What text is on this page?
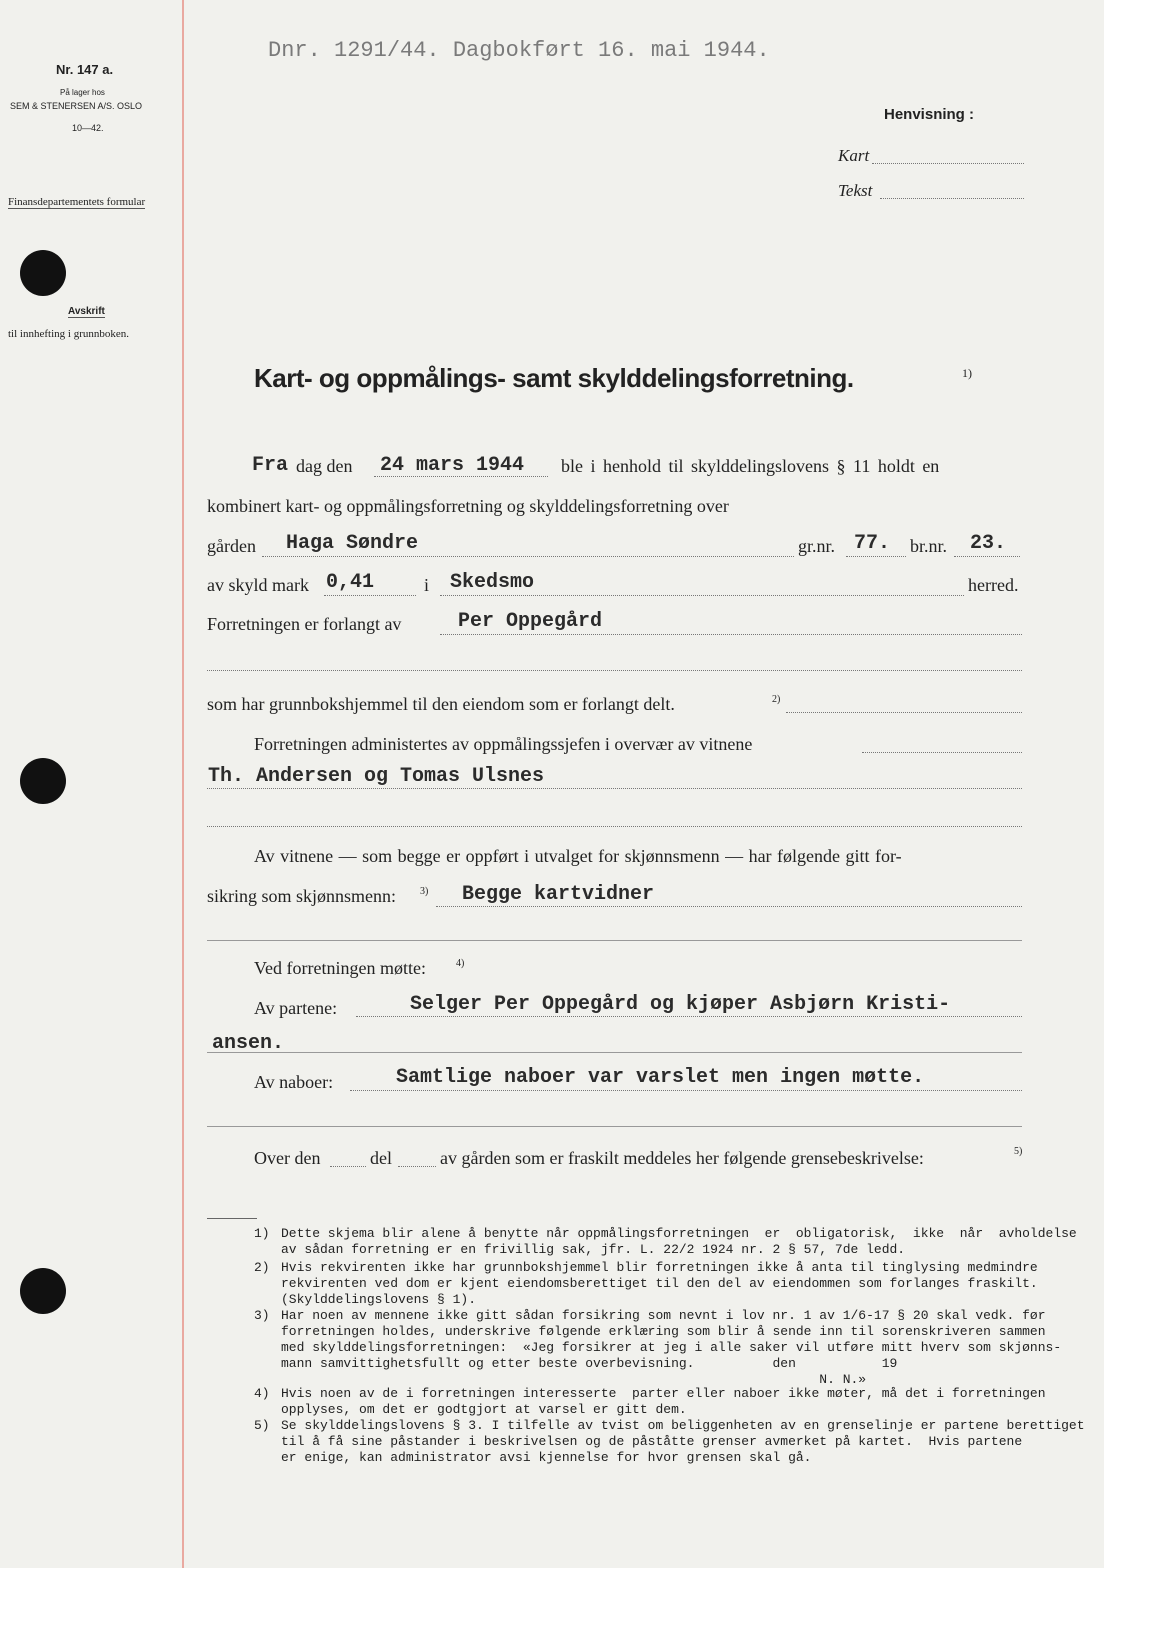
Nr. 147 a.
På lager hos
SEM & STENERSEN A/S. OSLO
10—42.
Finansdepartementets formular
Avskrift
til innhefting i grunnboken.
Dnr. 1291/44. Dagbokført 16. mai 1944.
Henvisning :
Kart
Tekst
Kart- og oppmålings- samt skylddelingsforretning.	1)
Fra dag den 24 mars 1944 ble i henhold til skylddelingslovens § 11 holdt en
kombinert kart- og oppmålingsforretning og skylddelingsforretning over
gården Haga Søndre	gr.nr. 77. br.nr. 23.
av skyld mark 0,41	i Skedsmo	herred.
Forretningen er forlangt av	Per Oppegård
som har grunnbokshjemmel til den eiendom som er forlangt delt.	2)
Forretningen administertes av oppmålingssjefen i overvær av vitnene
Th. Andersen og Tomas Ulsnes
Av vitnene — som begge er oppført i utvalget for skjønnsmenn — har følgende gitt for-
sikring som skjønnsmenn: 3) Begge kartvidner
Ved forretningen møtte:	4)
Av partene:	Selger Per Oppegård og kjøper Asbjørn Kristi-
ansen.
Av naboer:	Samtlige naboer var varslet men ingen møtte.
Over den	del	av gården som er fraskilt meddeles her følgende grensebeskrivelse:	5)
1) Dette skjema blir alene å benytte når oppmålingsforretningen  er  obligatorisk,  ikke  når  avholdelse
av sådan forretning er en frivillig sak, jfr. L. 22/2 1924 nr. 2 § 57, 7de ledd.
2) Hvis rekvirenten ikke har grunnbokshjemmel blir forretningen ikke å anta til tinglysing medmindre
rekvirenten ved dom er kjent eiendomsberettiget til den del av eiendommen som forlanges fraskilt.
(Skylddelingslovens § 1).
3) Har noen av mennene ikke gitt sådan forsikring som nevnt i lov nr. 1 av 1/6-17 § 20 skal vedk. før
forretningen holdes, underskrive følgende erklæring som blir å sende inn til sorenskriveren sammen
med skylddelingsforretningen:  «Jeg forsikrer at jeg i alle saker vil utføre mitt hverv som skjønns-
mann samvittighetsfullt og etter beste overbevisning.          den           19
N. N.»
4) Hvis noen av de i forretningen interesserte  parter eller naboer ikke møter, må det i forretningen
opplyses, om det er godtgjort at varsel er gitt dem.
5) Se skylddelingslovens § 3. I tilfelle av tvist om beliggenheten av en grenselinje er partene berettiget
til å få sine påstander i beskrivelsen og de påståtte grenser avmerket på kartet.  Hvis partene
er enige, kan administrator avsi kjennelse for hvor grensen skal gå.
